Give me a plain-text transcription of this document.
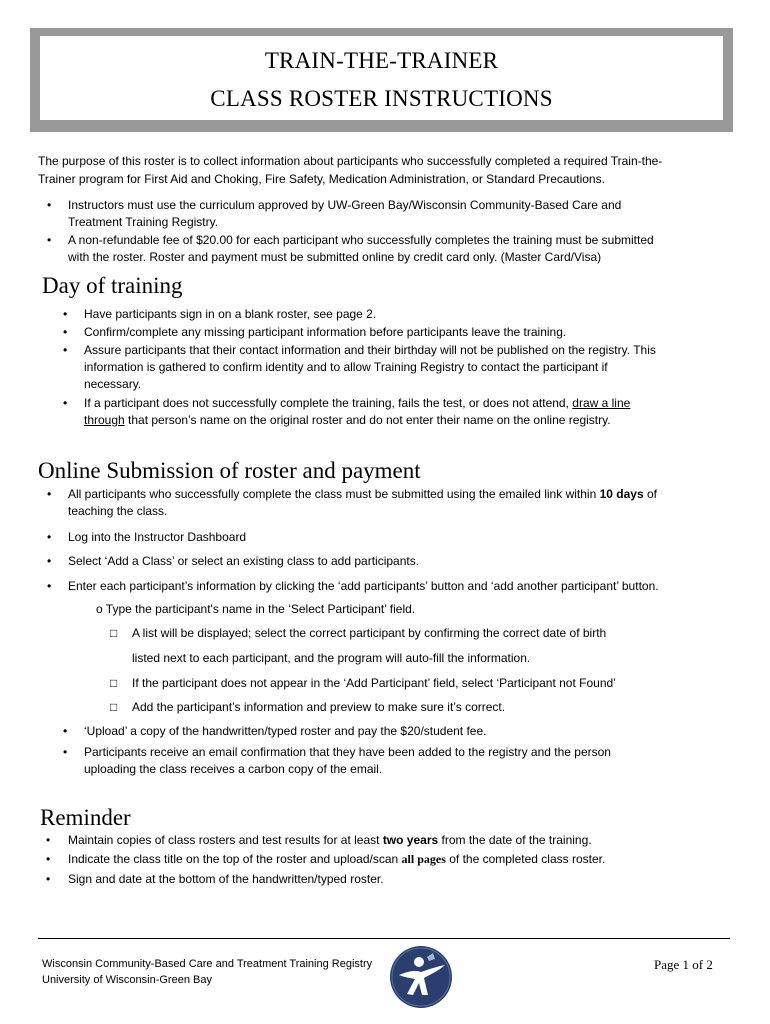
TRAIN-THE-TRAINER
CLASS ROSTER INSTRUCTIONS
The purpose of this roster is to collect information about participants who successfully completed a required Train-the-
Trainer program for First Aid and Choking, Fire Safety, Medication Administration, or Standard Precautions.
• Instructors must use the curriculum approved by UW-Green Bay/Wisconsin Community-Based Care and
Treatment Training Registry.
• A non-refundable fee of $20.00 for each participant who successfully completes the training must be submitted
with the roster. Roster and payment must be submitted online by credit card only. (Master Card/Visa)
Day of training
• Have participants sign in on a blank roster, see page 2.
• Confirm/complete any missing participant information before participants leave the training.
• Assure participants that their contact information and their birthday will not be published on the registry. This
information is gathered to confirm identity and to allow Training Registry to contact the participant if
necessary.
• If a participant does not successfully complete the training, fails the test, or does not attend, draw a line
through that person’s name on the original roster and do not enter their name on the online registry.
Online Submission of roster and payment
• All participants who successfully complete the class must be submitted using the emailed link within 10 days of
teaching the class.
• Log into the Instructor Dashboard
• Select ‘Add a Class’ or select an existing class to add participants.
• Enter each participant’s information by clicking the ‘add participants’ button and ‘add another participant’ button.
o Type the participant's name in the ‘Select Participant’ field.
□ A list will be displayed; select the correct participant by confirming the correct date of birth
listed next to each participant, and the program will auto-fill the information.
□ If the participant does not appear in the ‘Add Participant’ field, select ‘Participant not Found’
□ Add the participant’s information and preview to make sure it’s correct.
• ‘Upload’ a copy of the handwritten/typed roster and pay the $20/student fee.
• Participants receive an email confirmation that they have been added to the registry and the person
uploading the class receives a carbon copy of the email.
Reminder
• Maintain copies of class rosters and test results for at least two years from the date of the training.
• Indicate the class title on the top of the roster and upload/scan all pages of the completed class roster.
• Sign and date at the bottom of the handwritten/typed roster.
Wisconsin Community-Based Care and Treatment Training Registry
University of Wisconsin-Green Bay
Page 1 of 2
